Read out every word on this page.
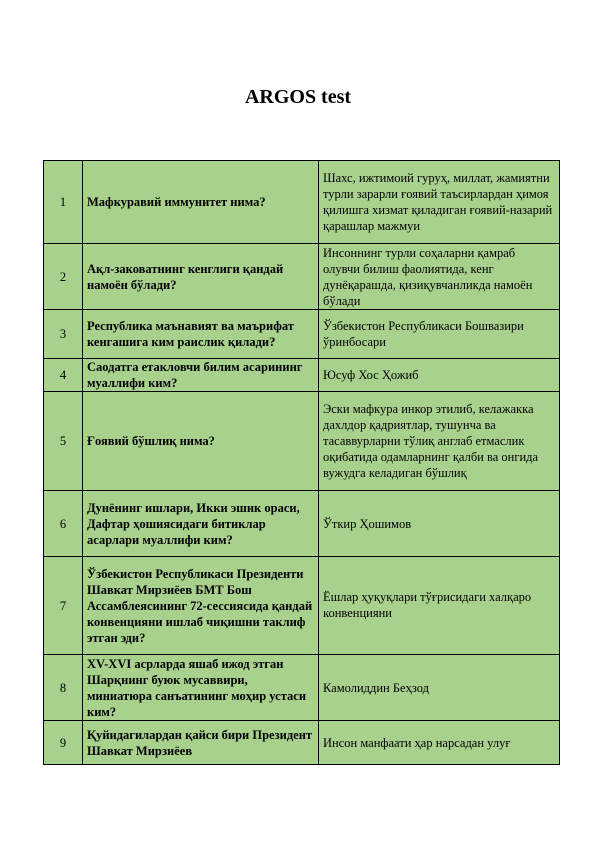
ARGOS test
1	Мафкуравий иммунитет нима?	Шахс, ижтимоий гуруҳ, миллат, жамиятни турли зарарли ғоявий таъсирлардан ҳимоя қилишга хизмат қиладиган ғоявий-назарий қарашлар мажмуи
2	Ақл-заковатнинг кенглиги қандай намоён бўлади?	Инсоннинг турли соҳаларни қамраб олувчи билиш фаолиятида, кенг дунёқарашда, қизиқувчанликда намоён бўлади
3	Республика маънавият ва маърифат кенгашига ким раислик қилади?	Ўзбекистон Республикаси Бошвазири ўринбосари
4	Саодатга етакловчи билим асарининг муаллифи ким?	Юсуф Хос Ҳожиб
5	Ғоявий бўшлиқ нима?	Эски мафкура инкор этилиб, келажакка дахлдор қадриятлар, тушунча ва тасаввурларни тўлиқ англаб етмаслик оқибатида одамларнинг қалби ва онгида вужудга келадиган бўшлиқ
6	Дунёнинг ишлари, Икки эшик ораси, Дафтар ҳошиясидаги битиклар асарлари муаллифи ким?	Ўткир Ҳошимов
7	Ўзбекистон Республикаси Президенти Шавкат Мирзиёев БМТ Бош Ассамблеясининг 72-сессиясида қандай конвенцияни ишлаб чиқишни таклиф этган эди?	Ёшлар ҳуқуқлари тўғрисидаги халқаро конвенцияни
8	XV-XVI асрларда яшаб ижод этган Шарқнинг буюк мусаввири, миниатюра санъатининг моҳир устаси ким?	Камолиддин Беҳзод
9	Қуйидагилардан қайси бири Президент Шавкат Мирзиёев	Инсон манфаати ҳар нарсадан улуғ
